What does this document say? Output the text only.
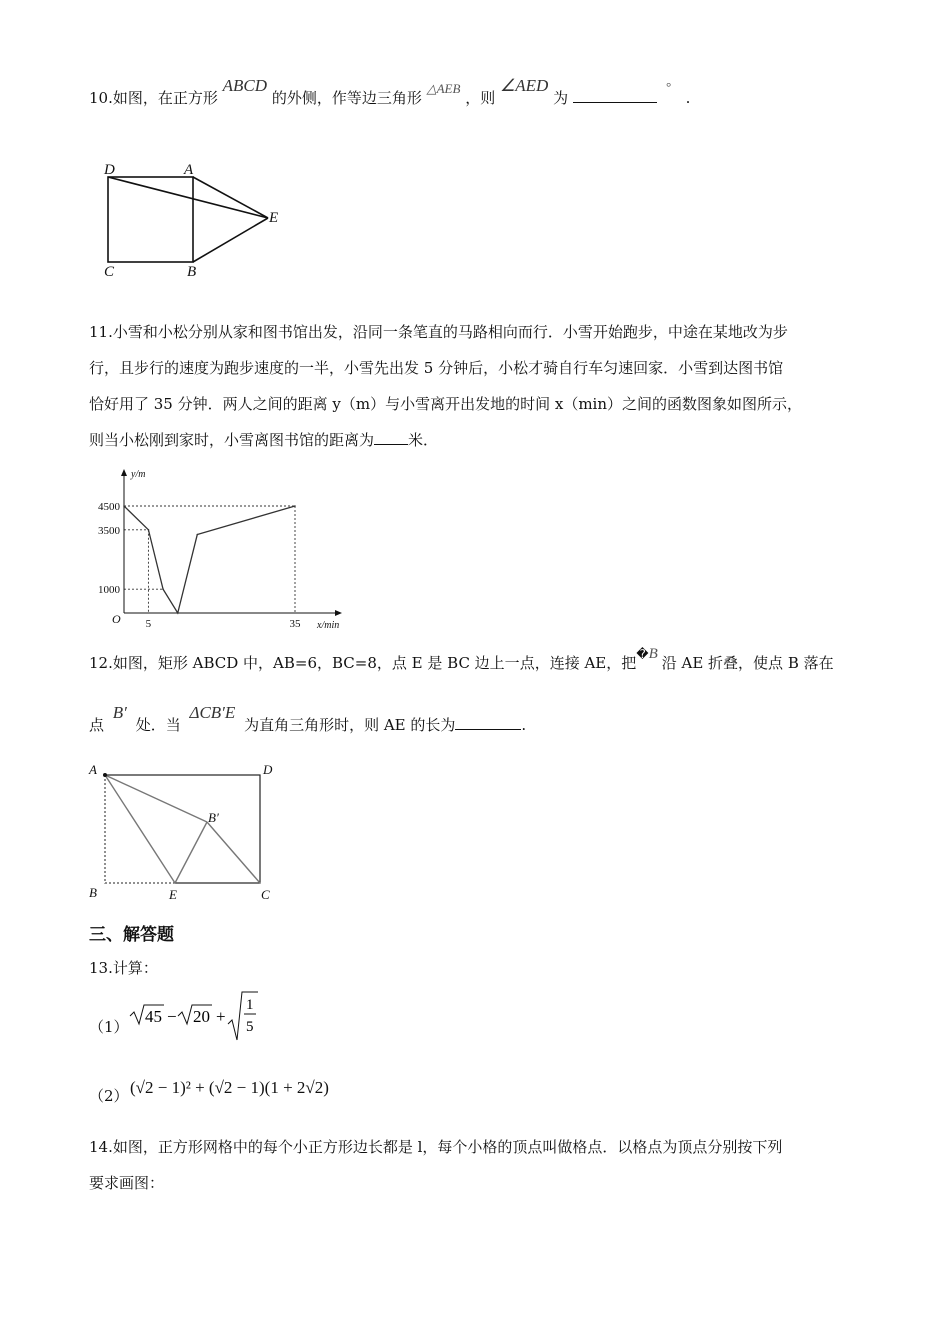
10.如图，在正方形 ABCD 的外侧，作等边三角形 △AEB ，则 ∠AED 为  ° .
D	A
E
C	B
11.小雪和小松分别从家和图书馆出发，沿同一条笔直的马路相向而行．小雪开始跑步，中途在某地改为步
行，且步行的速度为跑步速度的一半，小雪先出发 5 分钟后，小松才骑自行车匀速回家．小雪到达图书馆
恰好用了 35 分钟．两人之间的距离 y（m）与小雪离开出发地的时间 x（min）之间的函数图象如图所示，
则当小松刚到家时，小雪离图书馆的距离为 米．
4500
3500
1000
5	35
y/m
x/min
O
12.如图，矩形 ABCD 中，AB=6，BC=8，点 E 是 BC 边上一点，连接 AE，把�B 沿 AE 折叠，使点 B 落在
点 B′ 处．当 ΔCB′E 为直角三角形时，则 AE 的长为	.
A	D
B′
B	E	C
三、解答题
13.计算：
（1）
45 − 20 +
1
5
（2） (√2 − 1)² + (√2 − 1)(1 + 2√2)
14.如图，正方形网格中的每个小正方形边长都是 l，每个小格的顶点叫做格点．以格点为顶点分别按下列
要求画图：
